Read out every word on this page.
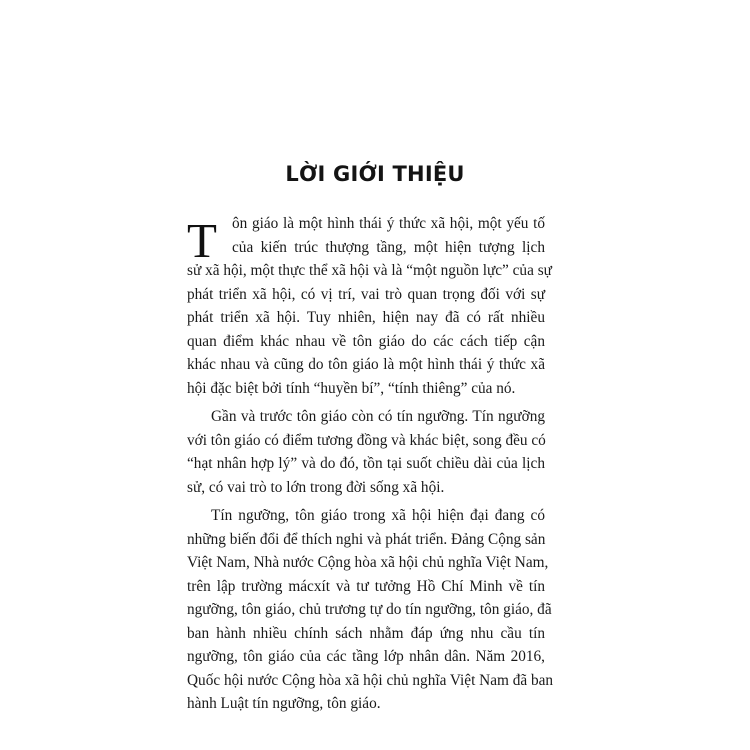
LỜI GIỚI THIỆU
T ôn giáo là một hình thái ý thức xã hội, một yếu tố
của kiến trúc thượng tầng, một hiện tượng lịch
sử xã hội, một thực thể xã hội và là “một nguồn lực” của sự
phát triển xã hội, có vị trí, vai trò quan trọng đối với sự
phát triển xã hội. Tuy nhiên, hiện nay đã có rất nhiều
quan điểm khác nhau về tôn giáo do các cách tiếp cận
khác nhau và cũng do tôn giáo là một hình thái ý thức xã
hội đặc biệt bởi tính “huyền bí”, “tính thiêng” của nó.
Gần và trước tôn giáo còn có tín ngưỡng. Tín ngưỡng
với tôn giáo có điểm tương đồng và khác biệt, song đều có
“hạt nhân hợp lý” và do đó, tồn tại suốt chiều dài của lịch
sử, có vai trò to lớn trong đời sống xã hội.
Tín ngưỡng, tôn giáo trong xã hội hiện đại đang có
những biến đổi để thích nghi và phát triển. Đảng Cộng sản
Việt Nam, Nhà nước Cộng hòa xã hội chủ nghĩa Việt Nam,
trên lập trường mácxít và tư tưởng Hồ Chí Minh về tín
ngưỡng, tôn giáo, chủ trương tự do tín ngưỡng, tôn giáo, đã
ban hành nhiều chính sách nhằm đáp ứng nhu cầu tín
ngưỡng, tôn giáo của các tầng lớp nhân dân. Năm 2016,
Quốc hội nước Cộng hòa xã hội chủ nghĩa Việt Nam đã ban
hành Luật tín ngưỡng, tôn giáo.
